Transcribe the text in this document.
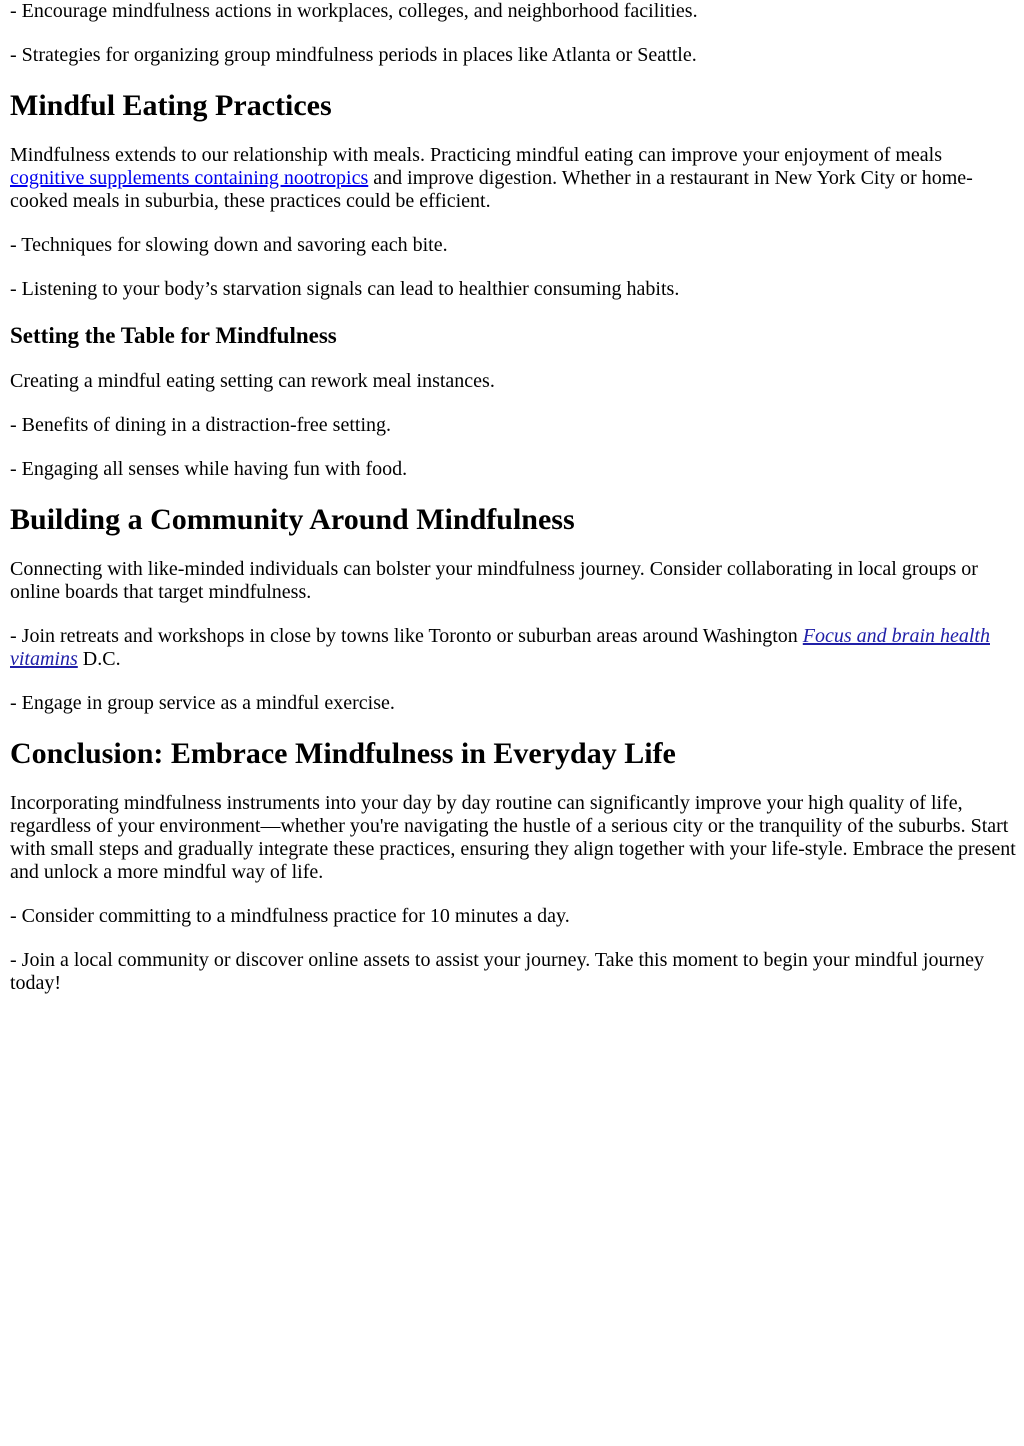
- Encourage mindfulness actions in workplaces, colleges, and neighborhood facilities.

- Strategies for organizing group mindfulness periods in places like Atlanta or Seattle.

Mindful Eating Practices

Mindfulness extends to our relationship with meals. Practicing mindful eating can improve your enjoyment of meals cognitive supplements containing nootropics and improve digestion. Whether in a restaurant in New York City or home-cooked meals in suburbia, these practices could be efficient.

- Techniques for slowing down and savoring each bite.

- Listening to your body’s starvation signals can lead to healthier consuming habits.

Setting the Table for Mindfulness

Creating a mindful eating setting can rework meal instances.

- Benefits of dining in a distraction-free setting.

- Engaging all senses while having fun with food.

Building a Community Around Mindfulness

Connecting with like-minded individuals can bolster your mindfulness journey. Consider collaborating in local groups or online boards that target mindfulness.

- Join retreats and workshops in close by towns like Toronto or suburban areas around Washington Focus and brain health vitamins D.C.

- Engage in group service as a mindful exercise.

Conclusion: Embrace Mindfulness in Everyday Life

Incorporating mindfulness instruments into your day by day routine can significantly improve your high quality of life, regardless of your environment—whether you're navigating the hustle of a serious city or the tranquility of the suburbs. Start with small steps and gradually integrate these practices, ensuring they align together with your life-style. Embrace the present and unlock a more mindful way of life.

- Consider committing to a mindfulness practice for 10 minutes a day.

- Join a local community or discover online assets to assist your journey. Take this moment to begin your mindful journey today!
